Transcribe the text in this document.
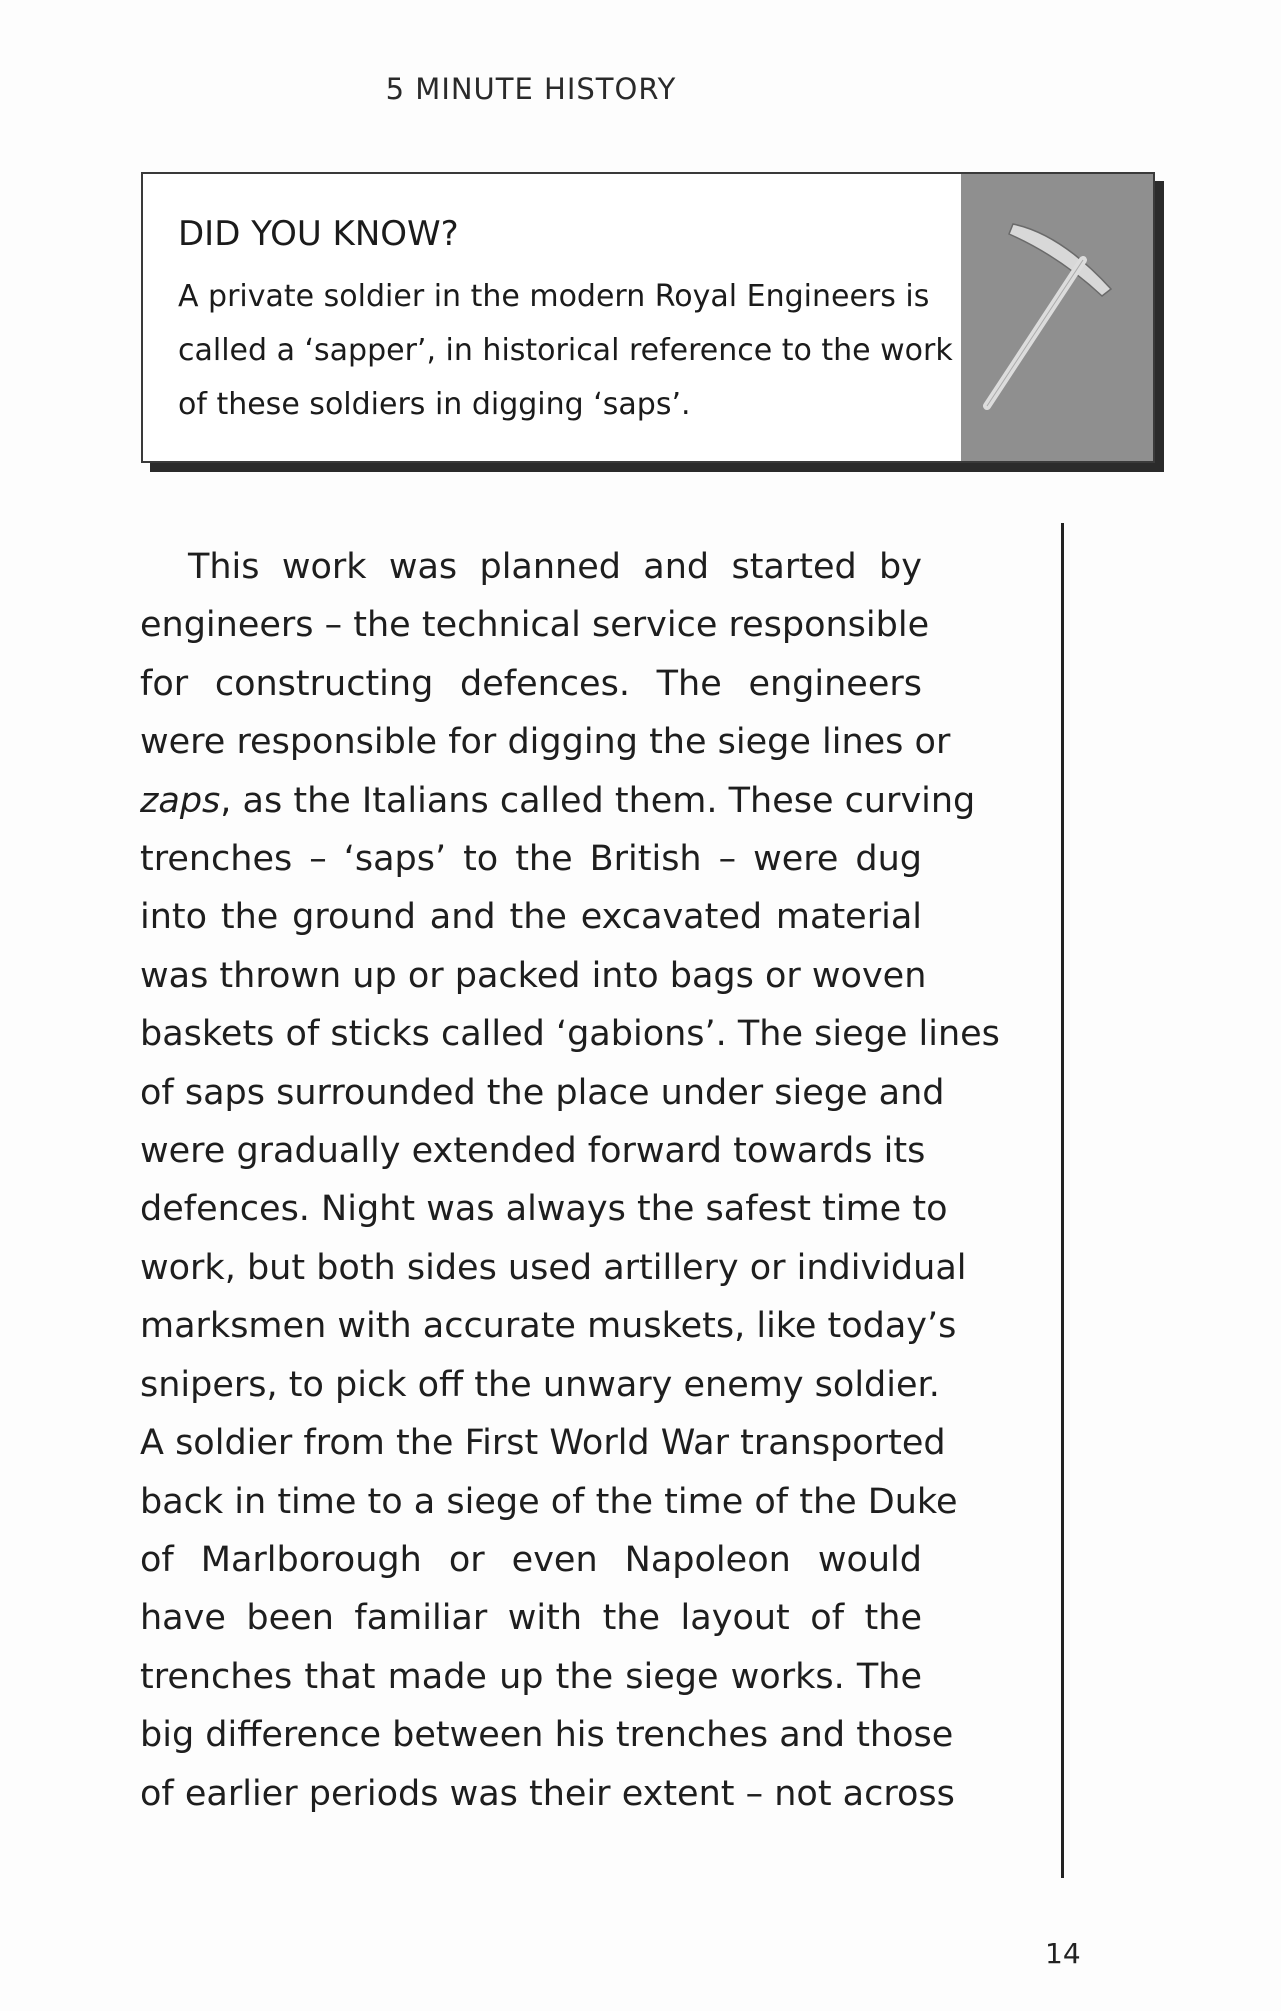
5 MINUTE HISTORY
DID YOU KNOW?
A private soldier in the modern Royal Engineers is called a ‘sapper’, in historical reference to the work of these soldiers in digging ‘saps’.
This work was planned and started by
engineers – the technical service responsible
for constructing defences. The engineers
were responsible for digging the siege lines or
zaps, as the Italians called them. These curving
trenches – ‘saps’ to the British – were dug
into the ground and the excavated material
was thrown up or packed into bags or woven
baskets of sticks called ‘gabions’. The siege lines
of saps surrounded the place under siege and
were gradually extended forward towards its
defences. Night was always the safest time to
work, but both sides used artillery or individual
marksmen with accurate muskets, like today’s
snipers, to pick off the unwary enemy soldier.
A soldier from the First World War transported
back in time to a siege of the time of the Duke
of Marlborough or even Napoleon would
have been familiar with the layout of the
trenches that made up the siege works. The
big difference between his trenches and those
of earlier periods was their extent – not across
14
